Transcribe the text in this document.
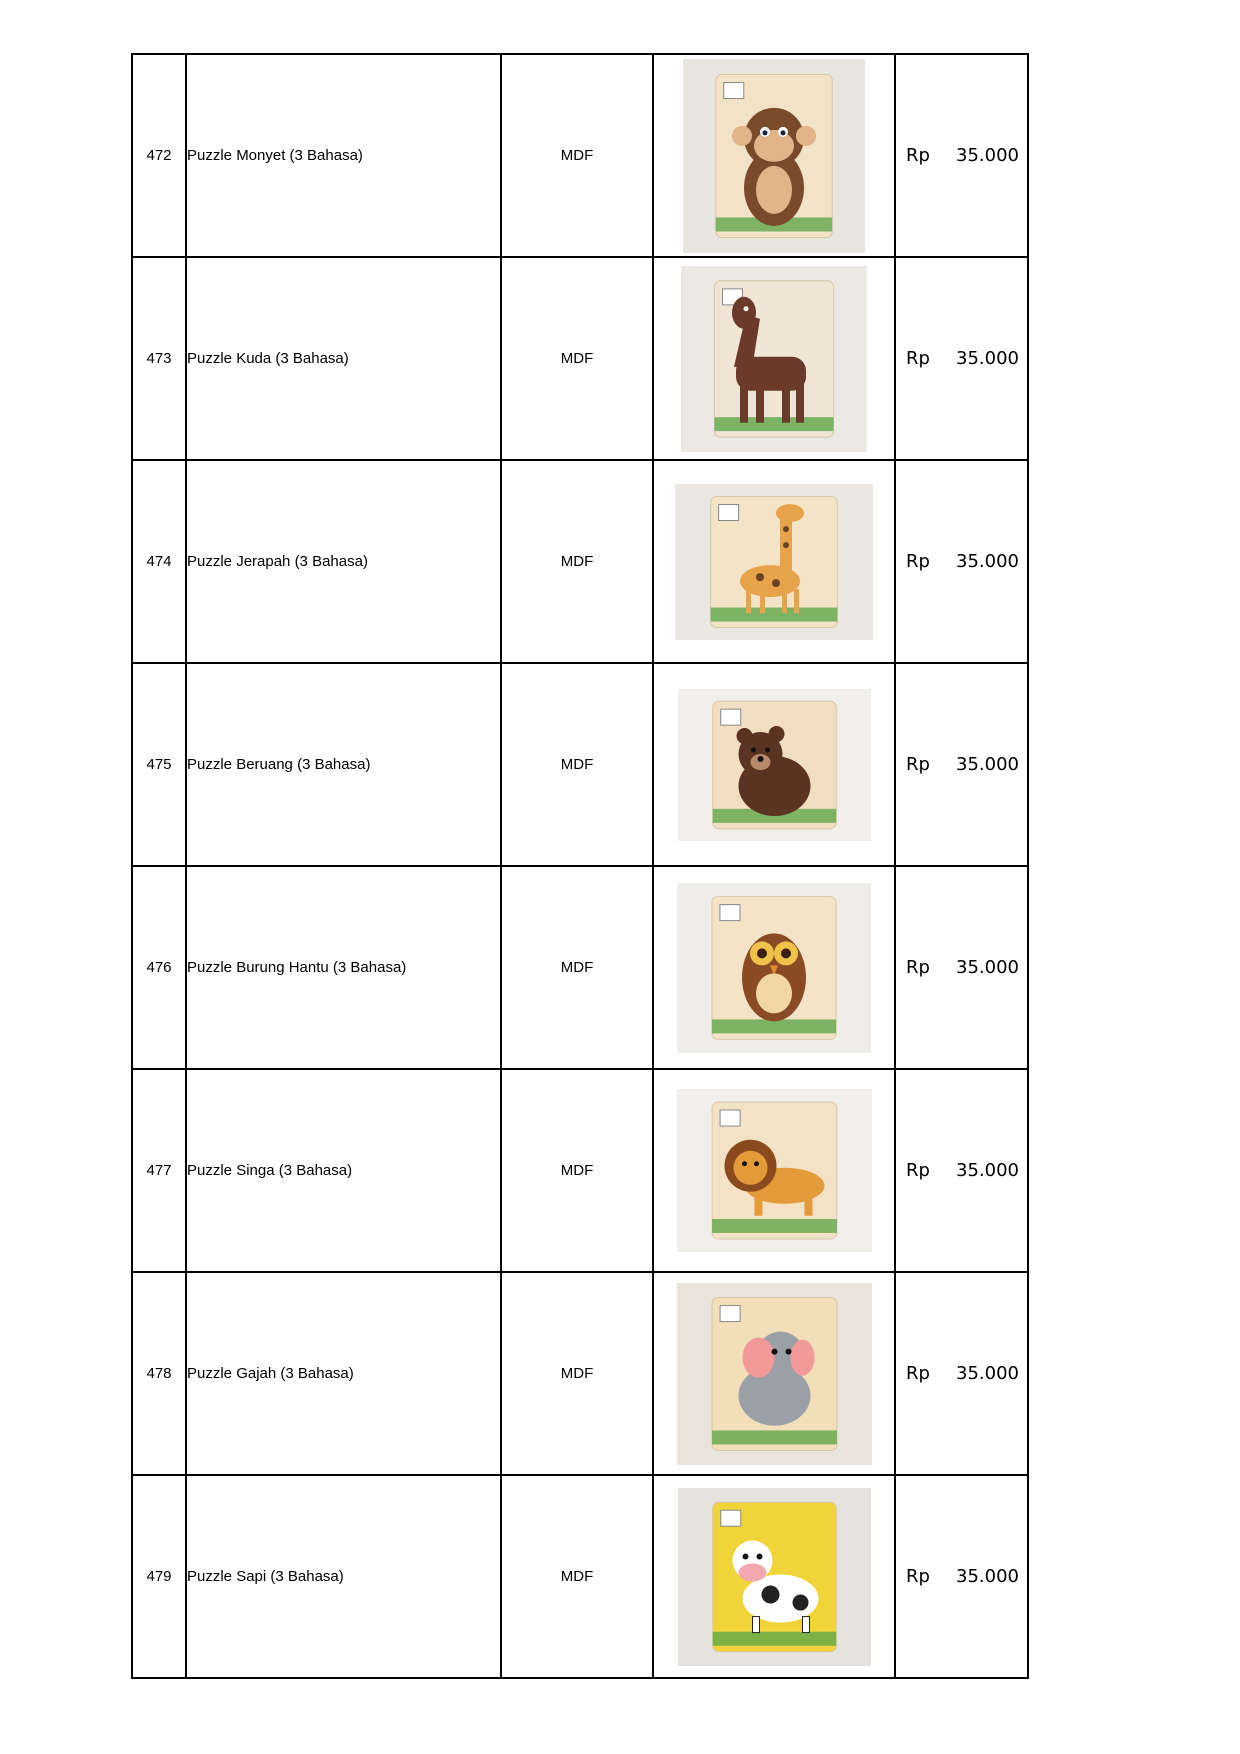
472	Puzzle Monyet (3 Bahasa)	MDF		Rp 35.000

473	Puzzle Kuda (3 Bahasa)	MDF		Rp 35.000

474	Puzzle Jerapah (3 Bahasa)	MDF		Rp 35.000

475	Puzzle Beruang (3 Bahasa)	MDF		Rp 35.000

476	Puzzle Burung Hantu (3 Bahasa)	MDF		Rp 35.000

477	Puzzle Singa (3 Bahasa)	MDF		Rp 35.000

478	Puzzle Gajah (3 Bahasa)	MDF		Rp 35.000

479	Puzzle Sapi (3 Bahasa)	MDF		Rp 35.000
